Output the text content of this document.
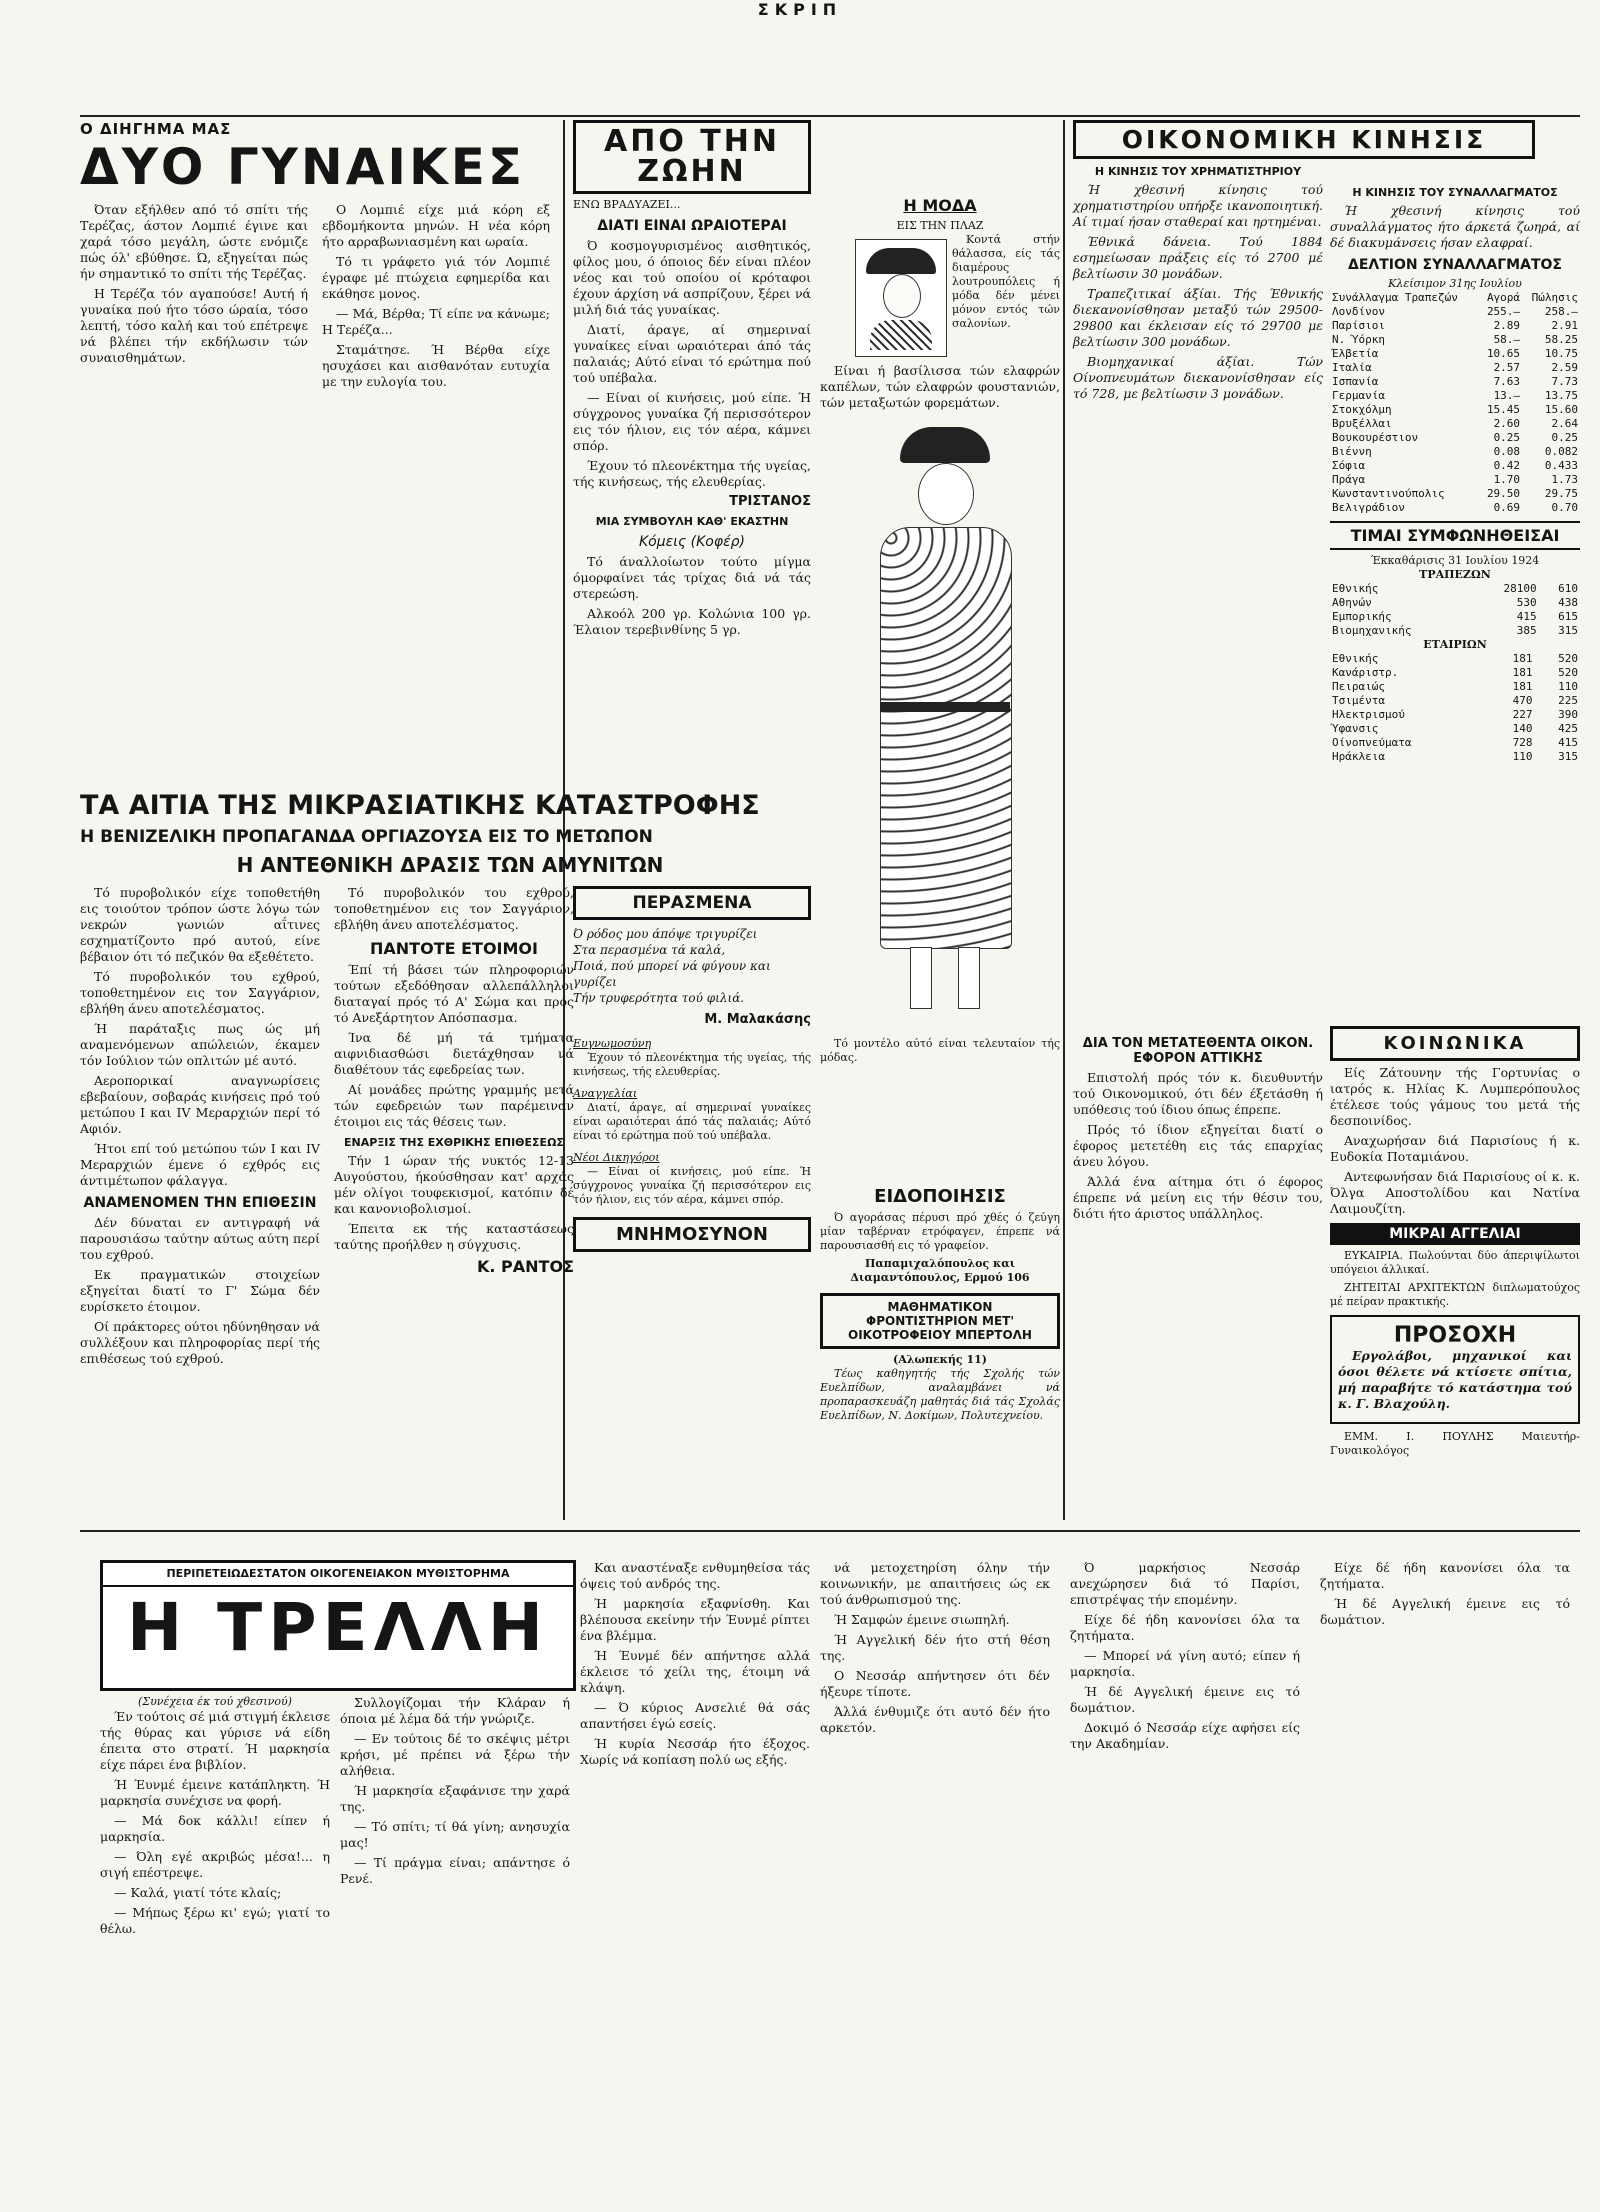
ΣΚΡΙΠ
Ο ΔΙΗΓΗΜΑ ΜΑΣ
ΔΥΟ ΓΥΝΑΙΚΕΣ

Όταν εξήλθεν από τό σπίτι τής Τερέζας, άστον Λομπιέ έγινε και χαρά τόσο μεγάλη, ώστε ενόμιζε πώς όλ' εβύθησε. Ώ, εξηγείται πώς ήν σημαντικό το σπίτι τής Τερέζας.

Η Τερέζα τόν αγαπούσε! Αυτή ή γυναίκα πού ήτο τόσο ώραία, τόσο λεπτή, τόσο καλή και τού επέτρεψε νά βλέπει τήν εκδήλωσιν τών συναισθημάτων.

Ο Λομπιέ είχε μιά κόρη εξ εβδομήκοντα μηνών. Η νέα κόρη ήτο αρραβωνιασμένη και ωραία.

Τό τι γράφετο γιά τόν Λομπιέ έγραφε μέ πτώχεια εφημερίδα και εκάθησε μονος.

— Μά, Βέρθα; Τί είπε να κάνωμε; Η Τερέζα...

Σταμάτησε. Ή Βέρθα είχε ησυχάσει και αισθανόταν ευτυχία με την ευλογία του.

ΤΑ ΑΙΤΙΑ ΤΗΣ ΜΙΚΡΑΣΙΑΤΙΚΗΣ ΚΑΤΑΣΤΡΟΦΗΣ
Η ΒΕΝΙΖΕΛΙΚΗ ΠΡΟΠΑΓΑΝΔΑ ΟΡΓΙΑΖΟΥΣΑ ΕΙΣ ΤΟ ΜΕΤΩΠΟΝ
Η ΑΝΤΕΘΝΙΚΗ ΔΡΑΣΙΣ ΤΩΝ ΑΜΥΝΙΤΩΝ

Τό πυροβολικόν είχε τοποθετήθη εις τοιούτον τρόπον ώστε λόγω τών νεκρών γωνιών αΐτινες εσχηματίζοντο πρό αυτού, είνε βέβαιον ότι τό πεζικόν θα εξεθέτετο.

Τό πυροβολικόν του εχθρού, τοποθετημένον εις τον Σαγγάριον, εβλήθη άνευ αποτελέσματος.

Ή παράταξις πως ώς μή αναμενόμενων απώλειών, έκαμεν τόν Ιούλιον τών οπλιτών μέ αυτό.

Αεροπορικαί αναγνωρίσεις εβεβαίουν, σοβαράς κινήσεις πρό τού μετώπου Ι και IV Μεραρχιών περί τό Αφιόν.

Ήτοι επί τού μετώπου τών Ι και IV Μεραρχιών έμενε ό εχθρός εις άντιμέτωπον φάλαγγα.

ΑΝΑΜΕΝΟΜΕΝ ΤΗΝ ΕΠΙΘΕΣΙΝ

Δέν δύναται εν αντιγραφή νά παρουσιάσω ταύτην αύτως αύτη περί του εχθρού.

Εκ πραγματικών στοιχείων εξηγείται διατί το Γ' Σώμα δέν ευρίσκετο έτοιμον.

Οί πράκτορες ούτοι ηδύνηθησαν νά συλλέξουν και πληροφορίας περί τής επιθέσεως τού εχθρού.

Τό πυροβολικόν του εχθρού, τοποθετημένον εις τον Σαγγάριον, εβλήθη άνευ αποτελέσματος.

ΠΑΝΤΟΤΕ ΕΤΟΙΜΟΙ

Έπί τή βάσει τών πληροφοριών τούτων εξεδόθησαν αλλεπάλληλοι διαταγαί πρός τό Α' Σώμα και πρός τό Ανεξάρτητον Απόσπασμα.

Ίνα δέ μή τά τμήματα αιφνιδιασθώσι διετάχθησαν νά διαθέτουν τάς εφεδρείας των.

Αί μονάδες πρώτης γραμμής μετά τών εφεδρειών των παρέμειναν έτοιμοι εις τάς θέσεις των.

ΕΝΑΡΞΙΣ ΤΗΣ ΕΧΘΡΙΚΗΣ ΕΠΙΘΕΣΕΩΣ

Τήν 1 ώραν τής νυκτός 12-13 Αυγούστου, ήκούσθησαν κατ' αρχάς μέν ολίγοι τουφεκισμοί, κατόπιν δέ και κανονιοβολισμοί.

Έπειτα εκ τής καταστάσεως ταύτης προήλθεν η σύγχυσις.

Κ. ΡΑΝΤΟΣ
ΑΠΟ ΤΗΝ ΖΩΗΝ
ΕΝΩ ΒΡΑΔΥΑΖΕΙ...
ΔΙΑΤΙ ΕΙΝΑΙ ΩΡΑΙΟΤΕΡΑΙ

Ό κοσμογυρισμένος αισθητικός, φίλος μου, ό όποιος δέν είναι πλέον νέος και τού οποίου οί κρόταφοι έχουν άρχίση νά ασπρίζουν, ξέρει νά μιλή διά τάς γυναίκας.

Διατί, άραγε, αί σημεριναί γυναίκες είναι ωραιότεραι άπό τάς παλαιάς; Αύτό είναι τό ερώτημα πού τού υπέβαλα.

— Είναι οί κινήσεις, μού είπε. Ή σύγχρονος γυναίκα ζή περισσότερον εις τόν ήλιον, εις τόν αέρα, κάμνει σπόρ.

Έχουν τό πλεονέκτημα τής υγείας, τής κινήσεως, τής ελευθερίας.

ΤΡΙΣΤΑΝΟΣ
ΜΙΑ ΣΥΜΒΟΥΛΗ ΚΑΘ' ΕΚΑΣΤΗΝ
Κόμεις (Κοφέρ)

Τό άναλλοίωτον τούτο μίγμα όμορφαίνει τάς τρίχας διά νά τάς στερεώση.

Αλκοόλ 200 γρ. Κολώνια 100 γρ. Έλαιον τερεβινθίνης 5 γρ.

ΠΕΡΑΣΜΕΝΑ
Ό ρόδος μου άπόψε τριγυρίζει
Στα περασμένα τά καλά,
Ποιά, πού μπορεί νά φύγουν και γυρίζει
Τήν τρυφερότητα τού φιλιά.
Μ. Μαλακάσης
Ευγνωμοσύνη

Έχουν τό πλεονέκτημα τής υγείας, τής κινήσεως, τής ελευθερίας.

Αναγγελίαι

Διατί, άραγε, αί σημεριναί γυναίκες είναι ωραιότεραι άπό τάς παλαιάς; Αύτό είναι τό ερώτημα πού τού υπέβαλα.

Νέοι Δικηγόροι

— Είναι οί κινήσεις, μού είπε. Ή σύγχρονος γυναίκα ζή περισσότερον εις τόν ήλιον, εις τόν αέρα, κάμνει σπόρ.

ΜΝΗΜΟΣΥΝΟΝ
Η ΜΟΔΑ
ΕΙΣ ΤΗΝ ΠΛΑΖ

Κοντά στήν θάλασσα, είς τάς διαμέρους λουτρουπόλεις ή μόδα δέν μένει μόνον εντός τών σαλονίων.

Είναι ή βασίλισσα τών ελαφρών καπέλων, τών ελαφρών φουστανιών, τών μεταξωτών φορεμάτων.

Τό μοντέλο αύτό είναι τελευταίον τής μόδας.

ΟΙΚΟΝΟΜΙΚΗ ΚΙΝΗΣΙΣ
Η ΚΙΝΗΣΙΣ ΤΟΥ ΧΡΗΜΑΤΙΣΤΗΡΙΟΥ

Ή χθεσινή κίνησις τού χρηματιστηρίου υπήρξε ικανοποιητική. Αί τιμαί ήσαν σταθεραί και ηρτημέναι.

Έθνικά δάνεια. Τού 1884 εσημείωσαν πράξεις είς τό 2700 μέ βελτίωσιν 30 μονάδων.

Τραπεζιτικαί άξίαι. Τής Έθνικής διεκανονίσθησαν μεταξύ τών 29500-29800 και έκλεισαν είς τό 29700 με βελτίωσιν 300 μονάδων.

Βιομηχανικαί άξίαι. Τών Οίνοπνευμάτων διεκανονίσθησαν είς τό 728, με βελτίωσιν 3 μονάδων.

Η ΚΙΝΗΣΙΣ ΤΟΥ ΣΥΝΑΛΛΑΓΜΑΤΟΣ

Ή χθεσινή κίνησις τού συναλλάγματος ήτο άρκετά ζωηρά, αί δέ διακυμάνσεις ήσαν ελαφραί.

ΔΕΛΤΙΟΝ ΣΥΝΑΛΛΑΓΜΑΤΟΣ
Κλείσιμον 31ης Ιουλίου
Συνάλλαγμα Τραπεζών	Αγορά	Πώλησις
Λονδίνον	255.—	258.—
Παρίσιοι	2.89	2.91
Ν. Ύόρκη	58.—	58.25
Έλβετία	10.65	10.75
Ιταλία	2.57	2.59
Ισπανία	7.63	7.73
Γερμανία	13.—	13.75
Στοκχόλμη	15.45	15.60
Βρυξέλλαι	2.60	2.64
Βουκουρέστιον	0.25	0.25
Βιέννη	0.08	0.082
Σόφια	0.42	0.433
Πράγα	1.70	1.73
Κωνσταντινούπολις	29.50	29.75
Βελιγράδιον	0.69	0.70
ΤΙΜΑΙ ΣΥΜΦΩΝΗΘΕΙΣΑΙ
Έκκαθάρισις 31 Ιουλίου 1924
ΤΡΑΠΕΖΩΝ
Εθνικής	28100	610
Αθηνών	530	438
Εμπορικής	415	615
Βιομηχανικής	385	315
ΕΤΑΙΡΙΩΝ
Εθνικής	181	520
Κανάριστρ.	181	520
Πειραιώς	181	110
Τσιμέντα	470	225
Ηλεκτρισμού	227	390
Ύφανσις	140	425
Οίνοπνεύματα	728	415
Ηράκλεια	110	315
ΔΙΑ ΤΟΝ ΜΕΤΑΤΕΘΕΝΤΑ ΟΙΚΟΝ. ΕΦΟΡΟΝ ΑΤΤΙΚΗΣ

Επιστολή πρός τόν κ. διευθυντήν τού Οικονομικού, ότι δέν έξετάσθη ή υπόθεσις τού ίδιου όπως έπρεπε.

Πρός τό ίδιον εξηγείται διατί ο έφορος μετετέθη εις τάς επαρχίας άνευ λόγου.

Άλλά ένα αίτημα ότι ό έφορος έπρεπε νά μείνη εις τήν θέσιν του, διότι ήτο άριστος υπάλληλος.

ΕΙΔΟΠΟΙΗΣΙΣ

Ό αγοράσας πέρυσι πρό χθές ό ζεύγη μίαν ταβέρναν ετρόφαγεν, έπρεπε νά παρουσιασθή εις τό γραφείον.

Παπαμιχαλόπουλος και Διαμαντόπουλος, Ερμού 106
ΜΑΘΗΜΑΤΙΚΟΝ ΦΡΟΝΤΙΣΤΗΡΙΟΝ ΜΕΤ' ΟΙΚΟΤΡΟΦΕΙΟΥ ΜΠΕΡΤΟΛΗ
(Αλωπεκής 11)

Τέως καθηγητής τής Σχολής τών Ευελπίδων, αναλαμβάνει νά προπαρασκευάζη μαθητάς διά τάς Σχολάς Ευελπίδων, Ν. Δοκίμων, Πολυτεχνείου.

ΚΟΙΝΩΝΙΚΑ

Είς Ζάτουνην τής Γορτυνίας ο ιατρός κ. Ηλίας Κ. Λυμπερόπουλος έτέλεσε τούς γάμους του μετά τής δεσποινίδος.

Αναχωρήσαν διά Παρισίους ή κ. Ευδοκία Ποταμιάνου.

Αντεφωνήσαν διά Παρισίους οί κ. κ. Όλγα Αποστολίδου και Νατίνα Λαιμουζίτη.

ΜΙΚΡΑΙ ΑΓΓΕΛΙΑΙ

ΕΥΚΑΙΡΙΑ. Πωλούνται δύο άπεριψίλωτοι υπόγειοι άλλικαί.

ΖΗΤΕΙΤΑΙ ΑΡΧΙΤΕΚΤΩΝ διπλωματούχος μέ πείραν πρακτικής.

ΠΡΟΣΟΧΗ

Εργολάβοι, μηχανικοί και όσοι θέλετε νά κτίσετε σπίτια, μή παραβήτε τό κατάστημα τού κ. Γ. Βλαχούλη.

ΕΜΜ. Ι. ΠΟΥΛΗΣ Μαιευτήρ-Γυναικολόγος

ΠΕΡΙΠΕΤΕΙΩΔΕΣΤΑΤΟΝ ΟΙΚΟΓΕΝΕΙΑΚΟΝ ΜΥΘΙΣΤΟΡΗΜΑ
Η ΤΡΕΛΛΗ
(Συνέχεια έκ τού χθεσινού)

Έν τούτοις σέ μιά στιγμή έκλεισε τής θύρας και γύρισε νά είδη έπειτα στο στρατί. Ή μαρκησία είχε πάρει ένα βιβλίον.

Ή Έυνμέ έμεινε κατάπληκτη. Ή μαρκησία συνέχισε να φορή.

— Μά δοκ κάλλι! είπεν ή μαρκησία.

— Όλη εγέ ακριβώς μέσα!... η σιγή επέστρεψε.

— Καλά, γιατί τότε κλαίς;

— Μήπως ξέρω κι' εγώ; γιατί το θέλω.

Συλλογίζομαι τήν Κλάραν ή όποια μέ λέμα δά τήν γνώριζε.

— Εν τούτοις δέ το σκέψις μέτρι κρήσι, μέ πρέπει νά ξέρω τήν αλήθεια.

Ή μαρκησία εξαφάνισε την χαρά της.

— Τό σπίτι; τί θά γίνη; ανησυχία μας!

— Τί πράγμα είναι; απάντησε ό Ρενέ.

Και αναστέναξε ενθυμηθείσα τάς όψεις τού ανδρός της.

Ή μαρκησία εξαφνίσθη. Και βλέπουσα εκείνην τήν Έυνμέ ρίπτει ένα βλέμμα.

Ή Έυνμέ δέν απήντησε αλλά έκλεισε τό χείλι της, έτοιμη νά κλάψη.

— Ό κύριος Ανσελιέ θά σάς απαντήσει έγώ εσείς.

Ή κυρία Νεσσάρ ήτο έξοχος. Χωρίς νά κοπίαση πολύ ως εξής.

νά μετοχετηρίση όλην τήν κοινωνικήν, με απαιτήσεις ώς εκ τού άνθρωπισμού της.

Ή Σαμφών έμεινε σιωπηλή.

Ή Αγγελική δέν ήτο στή θέση της.

Ο Νεσσάρ απήντησεν ότι δέν ήξευρε τίποτε.

Άλλά ένθυμιζε ότι αυτό δέν ήτο αρκετόν.

Ό μαρκήσιος Νεσσάρ ανεχώρησεν διά τό Παρίσι, επιστρέψας τήν επομένην.

Είχε δέ ήδη κανονίσει όλα τα ζητήματα.

— Μπορεί νά γίνη αυτό; είπεν ή μαρκησία.

Ή δέ Αγγελική έμεινε εις τό δωμάτιον.

Δοκιμό ό Νεσσάρ είχε αφήσει είς την Ακαδημίαν.

Είχε δέ ήδη κανονίσει όλα τα ζητήματα.

Ή δέ Αγγελική έμεινε εις τό δωμάτιον.
